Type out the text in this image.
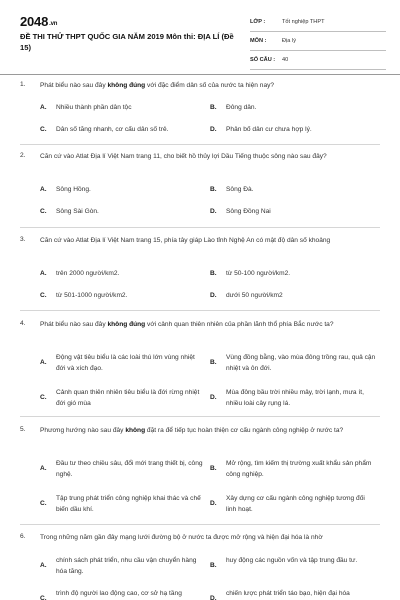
2048.vn
ĐỀ THI THỬ THPT QUỐC GIA NĂM 2019 Môn thi: ĐỊA LÍ (Đề 15)
LỚP :	Tốt nghiệp THPT
MÔN :	Địa lý
SỐ CÂU :	40
1. Phát biểu nào sau đây không đúng với đặc điểm dân số của nước ta hiện nay?
A. Nhiều thành phần dân tộc	B. Đông dân.
C. Dân số tăng nhanh, cơ cấu dân số trẻ.	D. Phân bố dân cư chưa hợp lý.
2. Căn cứ vào Atlat Địa lí Việt Nam trang 11, cho biết hồ thủy lợi Dầu Tiếng thuộc sông nào sau đây?
A. Sông Hồng.	B. Sông Đà.
C. Sông Sài Gòn.	D. Sông Đồng Nai
3. Căn cứ vào Atlat Địa lí Việt Nam trang 15, phía tây giáp Lào tỉnh Nghệ An có mật độ dân số khoảng
A. trên 2000 người/km2.	B. từ 50-100 người/km2.
C. từ 501-1000 người/km2.	D. dưới 50 người/km2
4. Phát biểu nào sau đây không đúng với cảnh quan thiên nhiên của phần lãnh thổ phía Bắc nước ta?
A.
Động vật tiêu biểu là các loài thú lớn vùng nhiệt đới và xích đạo.
B.
Vùng đồng bằng, vào mùa đông trồng rau, quả cận nhiệt và ôn đới.
C.
Cảnh quan thiên nhiên tiêu biểu là đới rừng nhiệt đới gió mùa
D.
Mùa đông bầu trời nhiều mây, trời lạnh, mưa ít, nhiều loài cây rụng lá.
5. Phương hướng nào sau đây không đặt ra để tiếp tục hoàn thiện cơ cấu ngành công nghiệp ở nước ta?
A.
Đầu tư theo chiều sâu, đổi mới trang thiết bị, công nghệ.
B.
Mở rộng, tìm kiếm thị trường xuất khẩu sản phẩm công nghiệp.
C.
Tập trung phát triển công nghiệp khai thác và chế biến dầu khí.
D.
Xây dựng cơ cấu ngành công nghiệp tương đối linh hoạt.
6. Trong những năm gần đây mạng lưới đường bộ ở nước ta được mở rộng và hiện đại hóa là nhờ
A.
chính sách phát triển, nhu cầu vận chuyển hàng hóa tăng.
B.
huy động các nguồn vốn và tập trung đầu tư.
C.
trình độ người lao động cao, cơ sở hạ tầng
D.
chiến lược phát triển táo bạo, hiện đại hóa
